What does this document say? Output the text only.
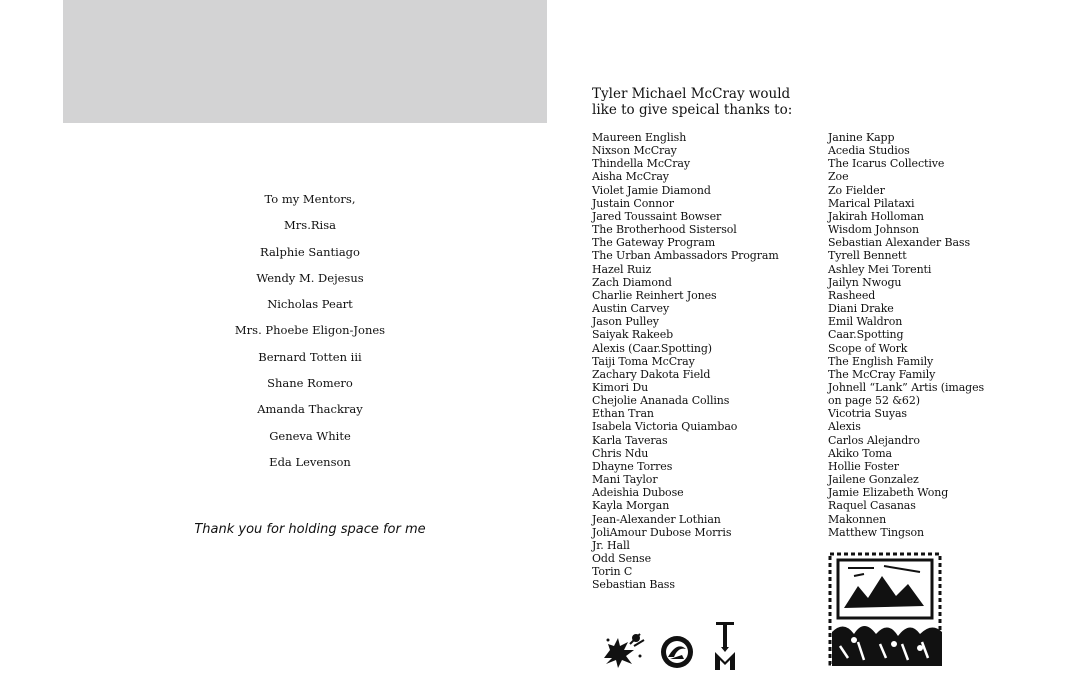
To my Mentors,
Mrs.Risa
Ralphie Santiago
Wendy M. Dejesus
Nicholas Peart
Mrs. Phoebe Eligon-Jones
Bernard Totten iii
Shane Romero
Amanda Thackray
Geneva White
Eda Levenson
Thank you for holding space for me
Tyler Michael McCray would
like to give speical thanks to:
Maureen English
Nixson McCray
Thindella McCray
Aisha McCray
Violet Jamie Diamond
Justain Connor
Jared Toussaint Bowser
The Brotherhood Sistersol
The Gateway Program
The Urban Ambassadors Program
Hazel Ruiz
Zach Diamond
Charlie Reinhert Jones
Austin Carvey
Jason Pulley
Saiyak Rakeeb
Alexis (Caar.Spotting)
Taiji Toma McCray
Zachary Dakota Field
Kimori Du
Chejolie Ananada Collins
Ethan Tran
Isabela Victoria Quiambao
Karla Taveras
Chris Ndu
Dhayne Torres
Mani Taylor
Adeishia Dubose
Kayla Morgan
Jean-Alexander Lothian
JoliAmour Dubose Morris
Jr. Hall
Odd Sense
Torin C
Sebastian Bass
Janine Kapp
Acedia Studios
The Icarus Collective
Zoe
Zo Fielder
Marical Pilataxi
Jakirah Holloman
Wisdom Johnson
Sebastian Alexander Bass
Tyrell Bennett
Ashley Mei Torenti
Jailyn Nwogu
Rasheed
Diani Drake
Emil Waldron
Caar.Spotting
Scope of Work
The English Family
The McCray Family
Johnell “Lank” Artis (images
on page 52 &62)
Vicotria Suyas
Alexis
Carlos Alejandro
Akiko Toma
Hollie Foster
Jailene Gonzalez
Jamie Elizabeth Wong
Raquel Casanas
Makonnen
Matthew Tingson
